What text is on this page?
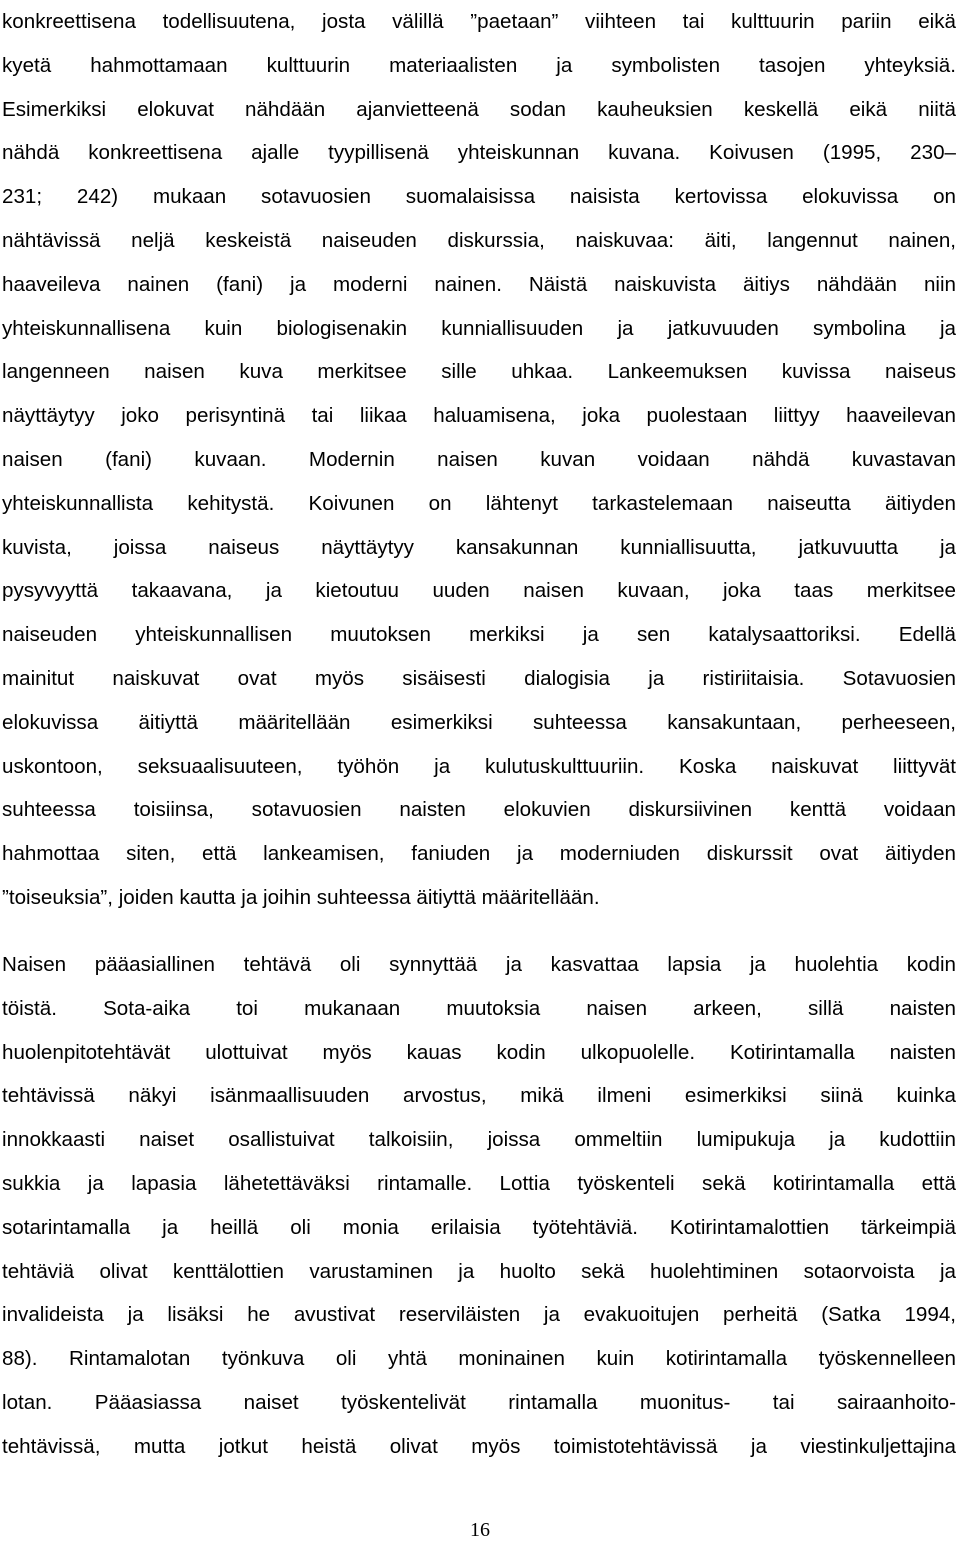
konkreettisena todellisuutena, josta välillä ”paetaan” viihteen tai kulttuurin pariin eikä
kyetä hahmottamaan kulttuurin materiaalisten ja symbolisten tasojen yhteyksiä.
Esimerkiksi elokuvat nähdään ajanvietteenä sodan kauheuksien keskellä eikä niitä
nähdä konkreettisena ajalle tyypillisenä yhteiskunnan kuvana. Koivusen (1995, 230–
231; 242) mukaan sotavuosien suomalaisissa naisista kertovissa elokuvissa on
nähtävissä neljä keskeistä naiseuden diskurssia, naiskuvaa: äiti, langennut nainen,
haaveileva nainen (fani) ja moderni nainen. Näistä naiskuvista äitiys nähdään niin
yhteiskunnallisena kuin biologisenakin kunniallisuuden ja jatkuvuuden symbolina ja
langenneen naisen kuva merkitsee sille uhkaa. Lankeemuksen kuvissa naiseus
näyttäytyy joko perisyntinä tai liikaa haluamisena, joka puolestaan liittyy haaveilevan
naisen (fani) kuvaan. Modernin naisen kuvan voidaan nähdä kuvastavan
yhteiskunnallista kehitystä. Koivunen on lähtenyt tarkastelemaan naiseutta äitiyden
kuvista, joissa naiseus näyttäytyy kansakunnan kunniallisuutta, jatkuvuutta ja
pysyvyyttä takaavana, ja kietoutuu uuden naisen kuvaan, joka taas merkitsee
naiseuden yhteiskunnallisen muutoksen merkiksi ja sen katalysaattoriksi. Edellä
mainitut naiskuvat ovat myös sisäisesti dialogisia ja ristiriitaisia. Sotavuosien
elokuvissa äitiyttä määritellään esimerkiksi suhteessa kansakuntaan, perheeseen,
uskontoon, seksuaalisuuteen, työhön ja kulutuskulttuuriin. Koska naiskuvat liittyvät
suhteessa toisiinsa, sotavuosien naisten elokuvien diskursiivinen kenttä voidaan
hahmottaa siten, että lankeamisen, faniuden ja moderniuden diskurssit ovat äitiyden
”toiseuksia”, joiden kautta ja joihin suhteessa äitiyttä määritellään.
Naisen pääasiallinen tehtävä oli synnyttää ja kasvattaa lapsia ja huolehtia kodin
töistä. Sota-aika toi mukanaan muutoksia naisen arkeen, sillä naisten
huolenpitotehtävät ulottuivat myös kauas kodin ulkopuolelle. Kotirintamalla naisten
tehtävissä näkyi isänmaallisuuden arvostus, mikä ilmeni esimerkiksi siinä kuinka
innokkaasti naiset osallistuivat talkoisiin, joissa ommeltiin lumipukuja ja kudottiin
sukkia ja lapasia lähetettäväksi rintamalle. Lottia työskenteli sekä kotirintamalla että
sotarintamalla ja heillä oli monia erilaisia työtehtäviä. Kotirintamalottien tärkeimpiä
tehtäviä olivat kenttälottien varustaminen ja huolto sekä huolehtiminen sotaorvoista ja
invalideista ja lisäksi he avustivat reserviläisten ja evakuoitujen perheitä (Satka 1994,
88). Rintamalotan työnkuva oli yhtä moninainen kuin kotirintamalla työskennelleen
lotan. Pääasiassa naiset työskentelivät rintamalla muonitus- tai sairaanhoito-
tehtävissä, mutta jotkut heistä olivat myös toimistotehtävissä ja viestinkuljettajina
16
